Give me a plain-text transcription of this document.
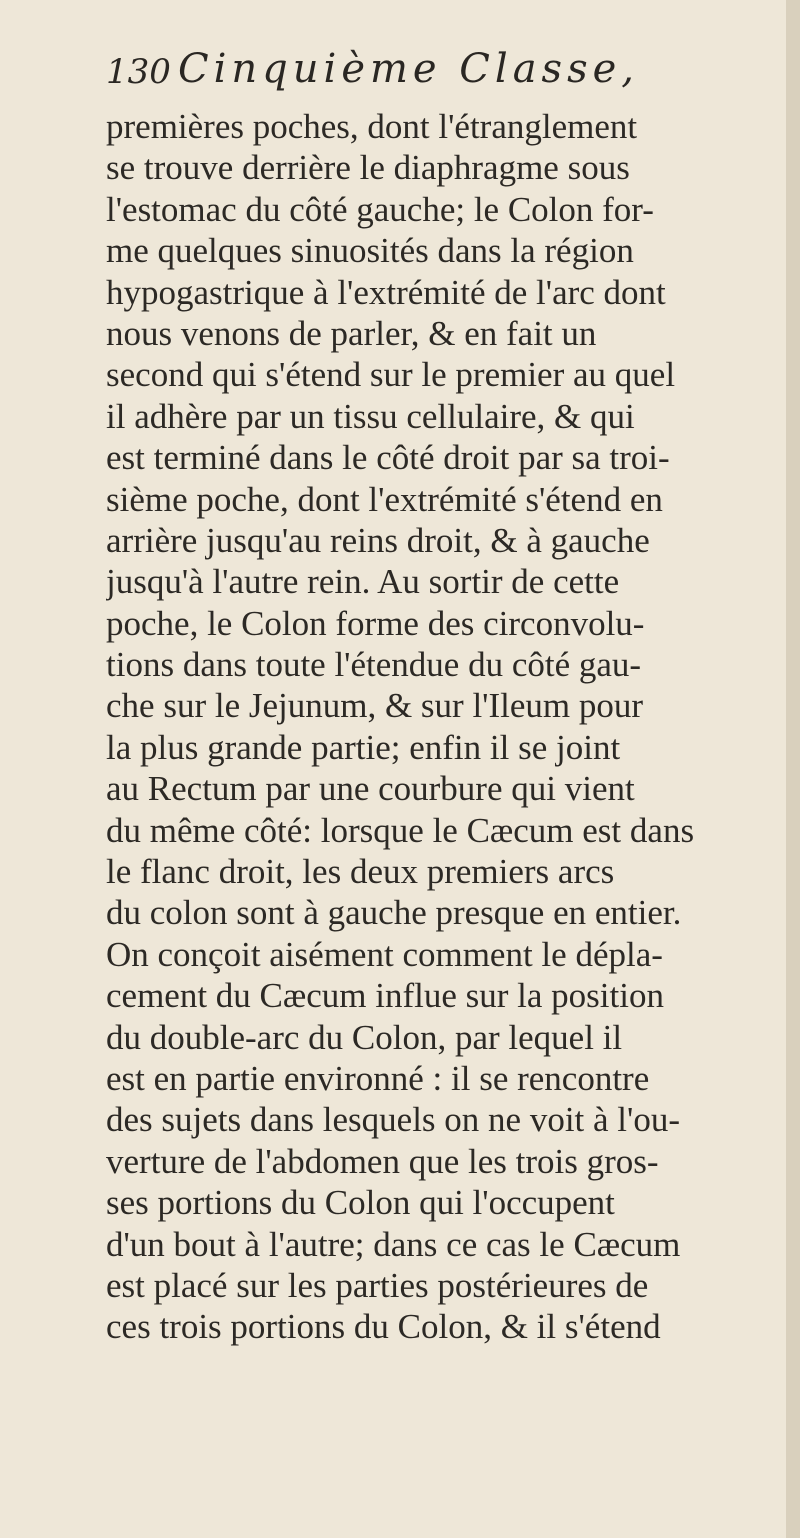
130 Cinquième Classe,
premières poches, dont l'étranglement
se trouve derrière le diaphragme sous
l'estomac du côté gauche; le Colon for-
me quelques sinuosités dans la région
hypogastrique à l'extrémité de l'arc dont
nous venons de parler, & en fait un
second qui s'étend sur le premier au quel
il adhère par un tissu cellulaire, & qui
est terminé dans le côté droit par sa troi-
sième poche, dont l'extrémité s'étend en
arrière jusqu'au reins droit, & à gauche
jusqu'à l'autre rein. Au sortir de cette
poche, le Colon forme des circonvolu-
tions dans toute l'étendue du côté gau-
che sur le Jejunum, & sur l'Ileum pour
la plus grande partie; enfin il se joint
au Rectum par une courbure qui vient
du même côté: lorsque le Cæcum est dans
le flanc droit, les deux premiers arcs
du colon sont à gauche presque en entier.
On conçoit aisément comment le dépla-
cement du Cæcum influe sur la position
du double-arc du Colon, par lequel il
est en partie environné : il se rencontre
des sujets dans lesquels on ne voit à l'ou-
verture de l'abdomen que les trois gros-
ses portions du Colon qui l'occupent
d'un bout à l'autre; dans ce cas le Cæcum
est placé sur les parties postérieures de
ces trois portions du Colon, & il s'étend
